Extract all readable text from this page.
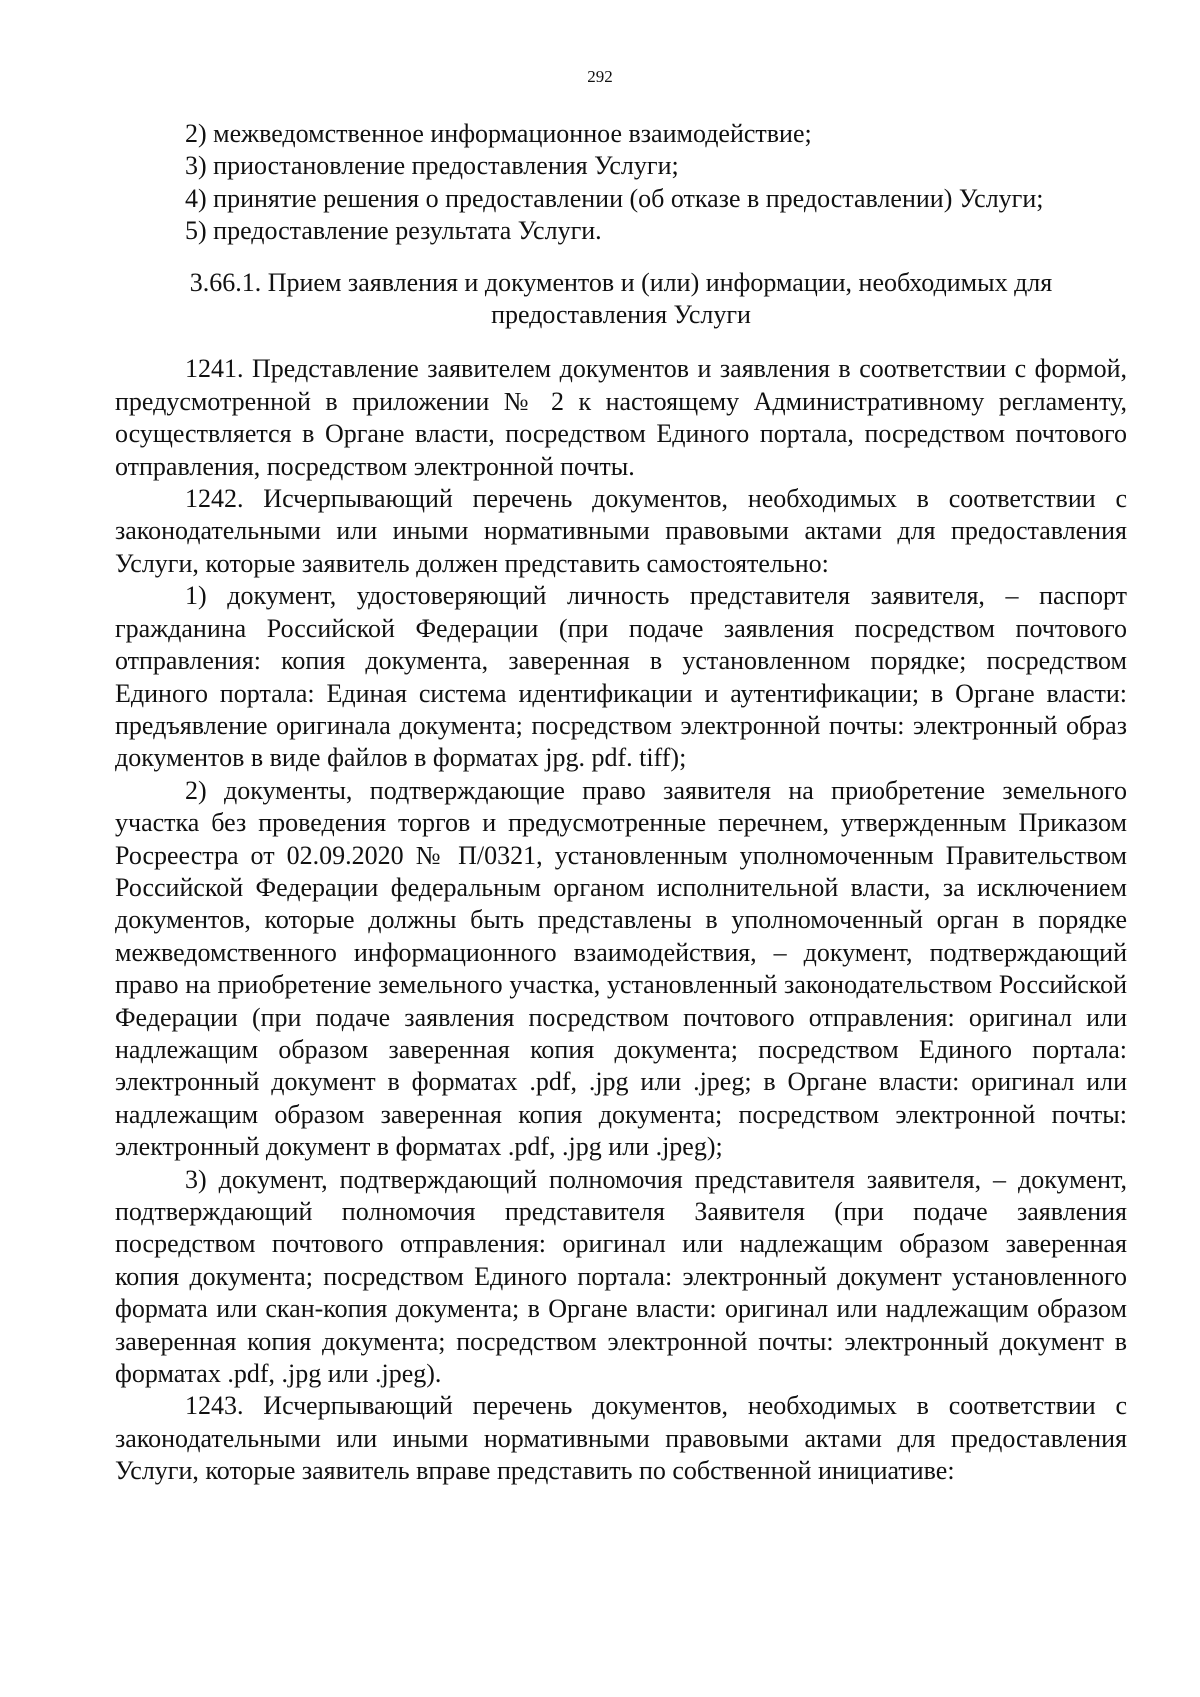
292

2) межведомственное информационное взаимодействие;

3) приостановление предоставления Услуги;

4) принятие решения о предоставлении (об отказе в предоставлении) Услуги;

5) предоставление результата Услуги.

3.66.1. Прием заявления и документов и (или) информации, необходимых для предоставления Услуги

1241. Представление заявителем документов и заявления в соответствии с формой, предусмотренной в приложении № 2 к настоящему Административному регламенту, осуществляется в Органе власти, посредством Единого портала, посредством почтового отправления, посредством электронной почты.

1242. Исчерпывающий перечень документов, необходимых в соответствии с законодательными или иными нормативными правовыми актами для предоставления Услуги, которые заявитель должен представить самостоятельно:

1) документ, удостоверяющий личность представителя заявителя, – паспорт гражданина Российской Федерации (при подаче заявления посредством почтового отправления: копия документа, заверенная в установленном порядке; посредством Единого портала: Единая система идентификации и аутентификации; в Органе власти: предъявление оригинала документа; посредством электронной почты: электронный образ документов в виде файлов в форматах jpg. pdf. tiff);

2) документы, подтверждающие право заявителя на приобретение земельного участка без проведения торгов и предусмотренные перечнем, утвержденным Приказом Росреестра от 02.09.2020 № П/0321, установленным уполномоченным Правительством Российской Федерации федеральным органом исполнительной власти, за исключением документов, которые должны быть представлены в уполномоченный орган в порядке межведомственного информационного взаимодействия, – документ, подтверждающий право на приобретение земельного участка, установленный законодательством Российской Федерации (при подаче заявления посредством почтового отправления: оригинал или надлежащим образом заверенная копия документа; посредством Единого портала: электронный документ в форматах .pdf, .jpg или .jpeg; в Органе власти: оригинал или надлежащим образом заверенная копия документа; посредством электронной почты: электронный документ в форматах .pdf, .jpg или .jpeg);

3) документ, подтверждающий полномочия представителя заявителя, – документ, подтверждающий полномочия представителя Заявителя (при подаче заявления посредством почтового отправления: оригинал или надлежащим образом заверенная копия документа; посредством Единого портала: электронный документ установленного формата или скан-копия документа; в Органе власти: оригинал или надлежащим образом заверенная копия документа; посредством электронной почты: электронный документ в форматах .pdf, .jpg или .jpeg).

1243. Исчерпывающий перечень документов, необходимых в соответствии с законодательными или иными нормативными правовыми актами для предоставления Услуги, которые заявитель вправе представить по собственной инициативе:
